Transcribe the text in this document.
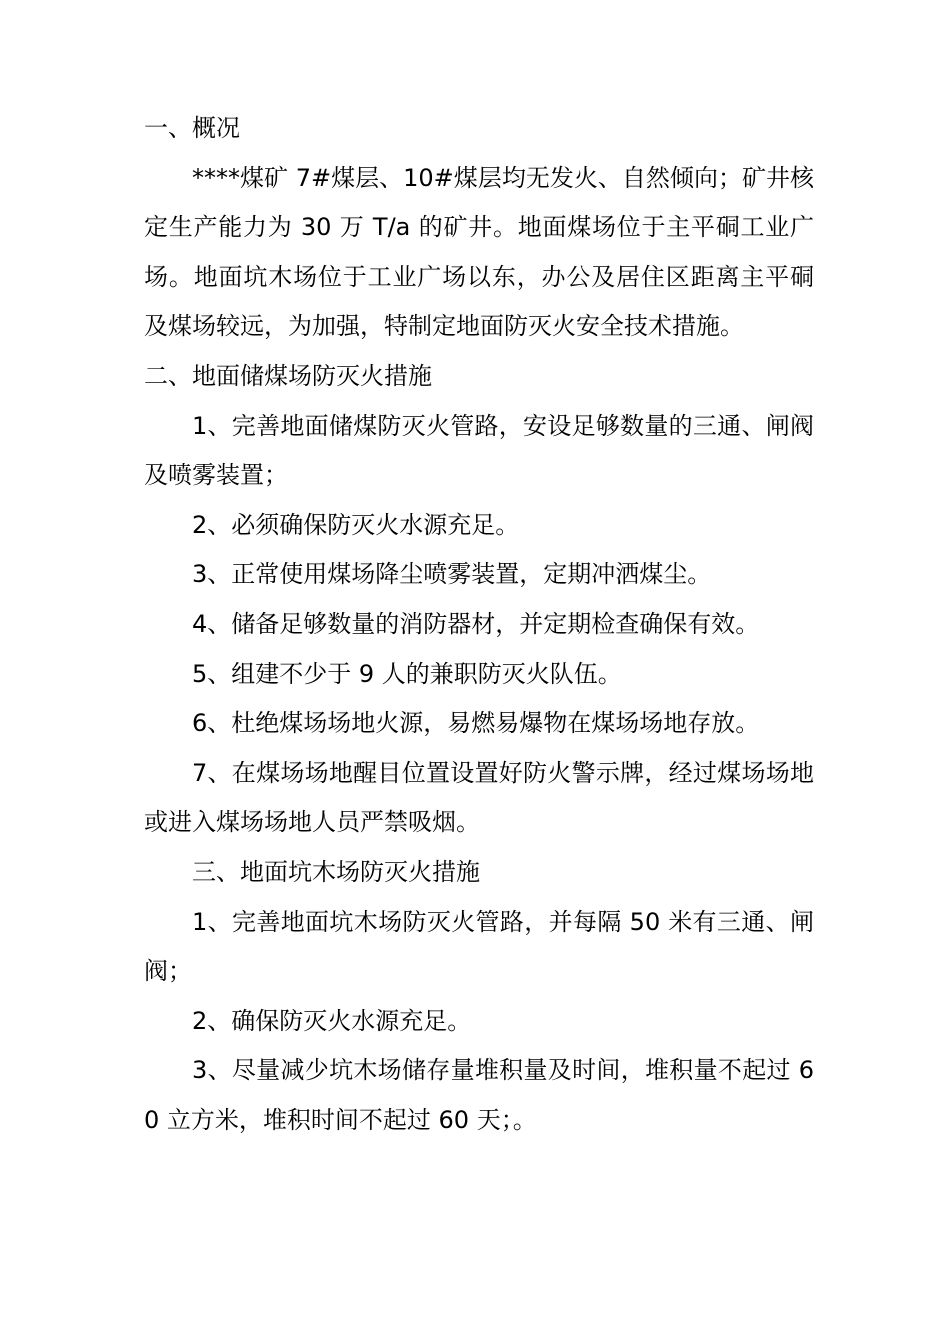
一、概况

****煤矿 7#煤层、10#煤层均无发火、自然倾向；矿井核定生产能力为 30 万 T/a 的矿井。地面煤场位于主平硐工业广场。地面坑木场位于工业广场以东，办公及居住区距离主平硐及煤场较远，为加强，特制定地面防灭火安全技术措施。

二、地面储煤场防灭火措施

1、完善地面储煤防灭火管路，安设足够数量的三通、闸阀及喷雾装置；

2、必须确保防灭火水源充足。

3、正常使用煤场降尘喷雾装置，定期冲洒煤尘。

4、储备足够数量的消防器材，并定期检查确保有效。

5、组建不少于 9 人的兼职防灭火队伍。

6、杜绝煤场场地火源，易燃易爆物在煤场场地存放。

7、在煤场场地醒目位置设置好防火警示牌，经过煤场场地或进入煤场场地人员严禁吸烟。

三、地面坑木场防灭火措施

1、完善地面坑木场防灭火管路，并每隔 50 米有三通、闸阀；

2、确保防灭火水源充足。

3、尽量减少坑木场储存量堆积量及时间，堆积量不起过 60 立方米，堆积时间不起过 60 天；。
